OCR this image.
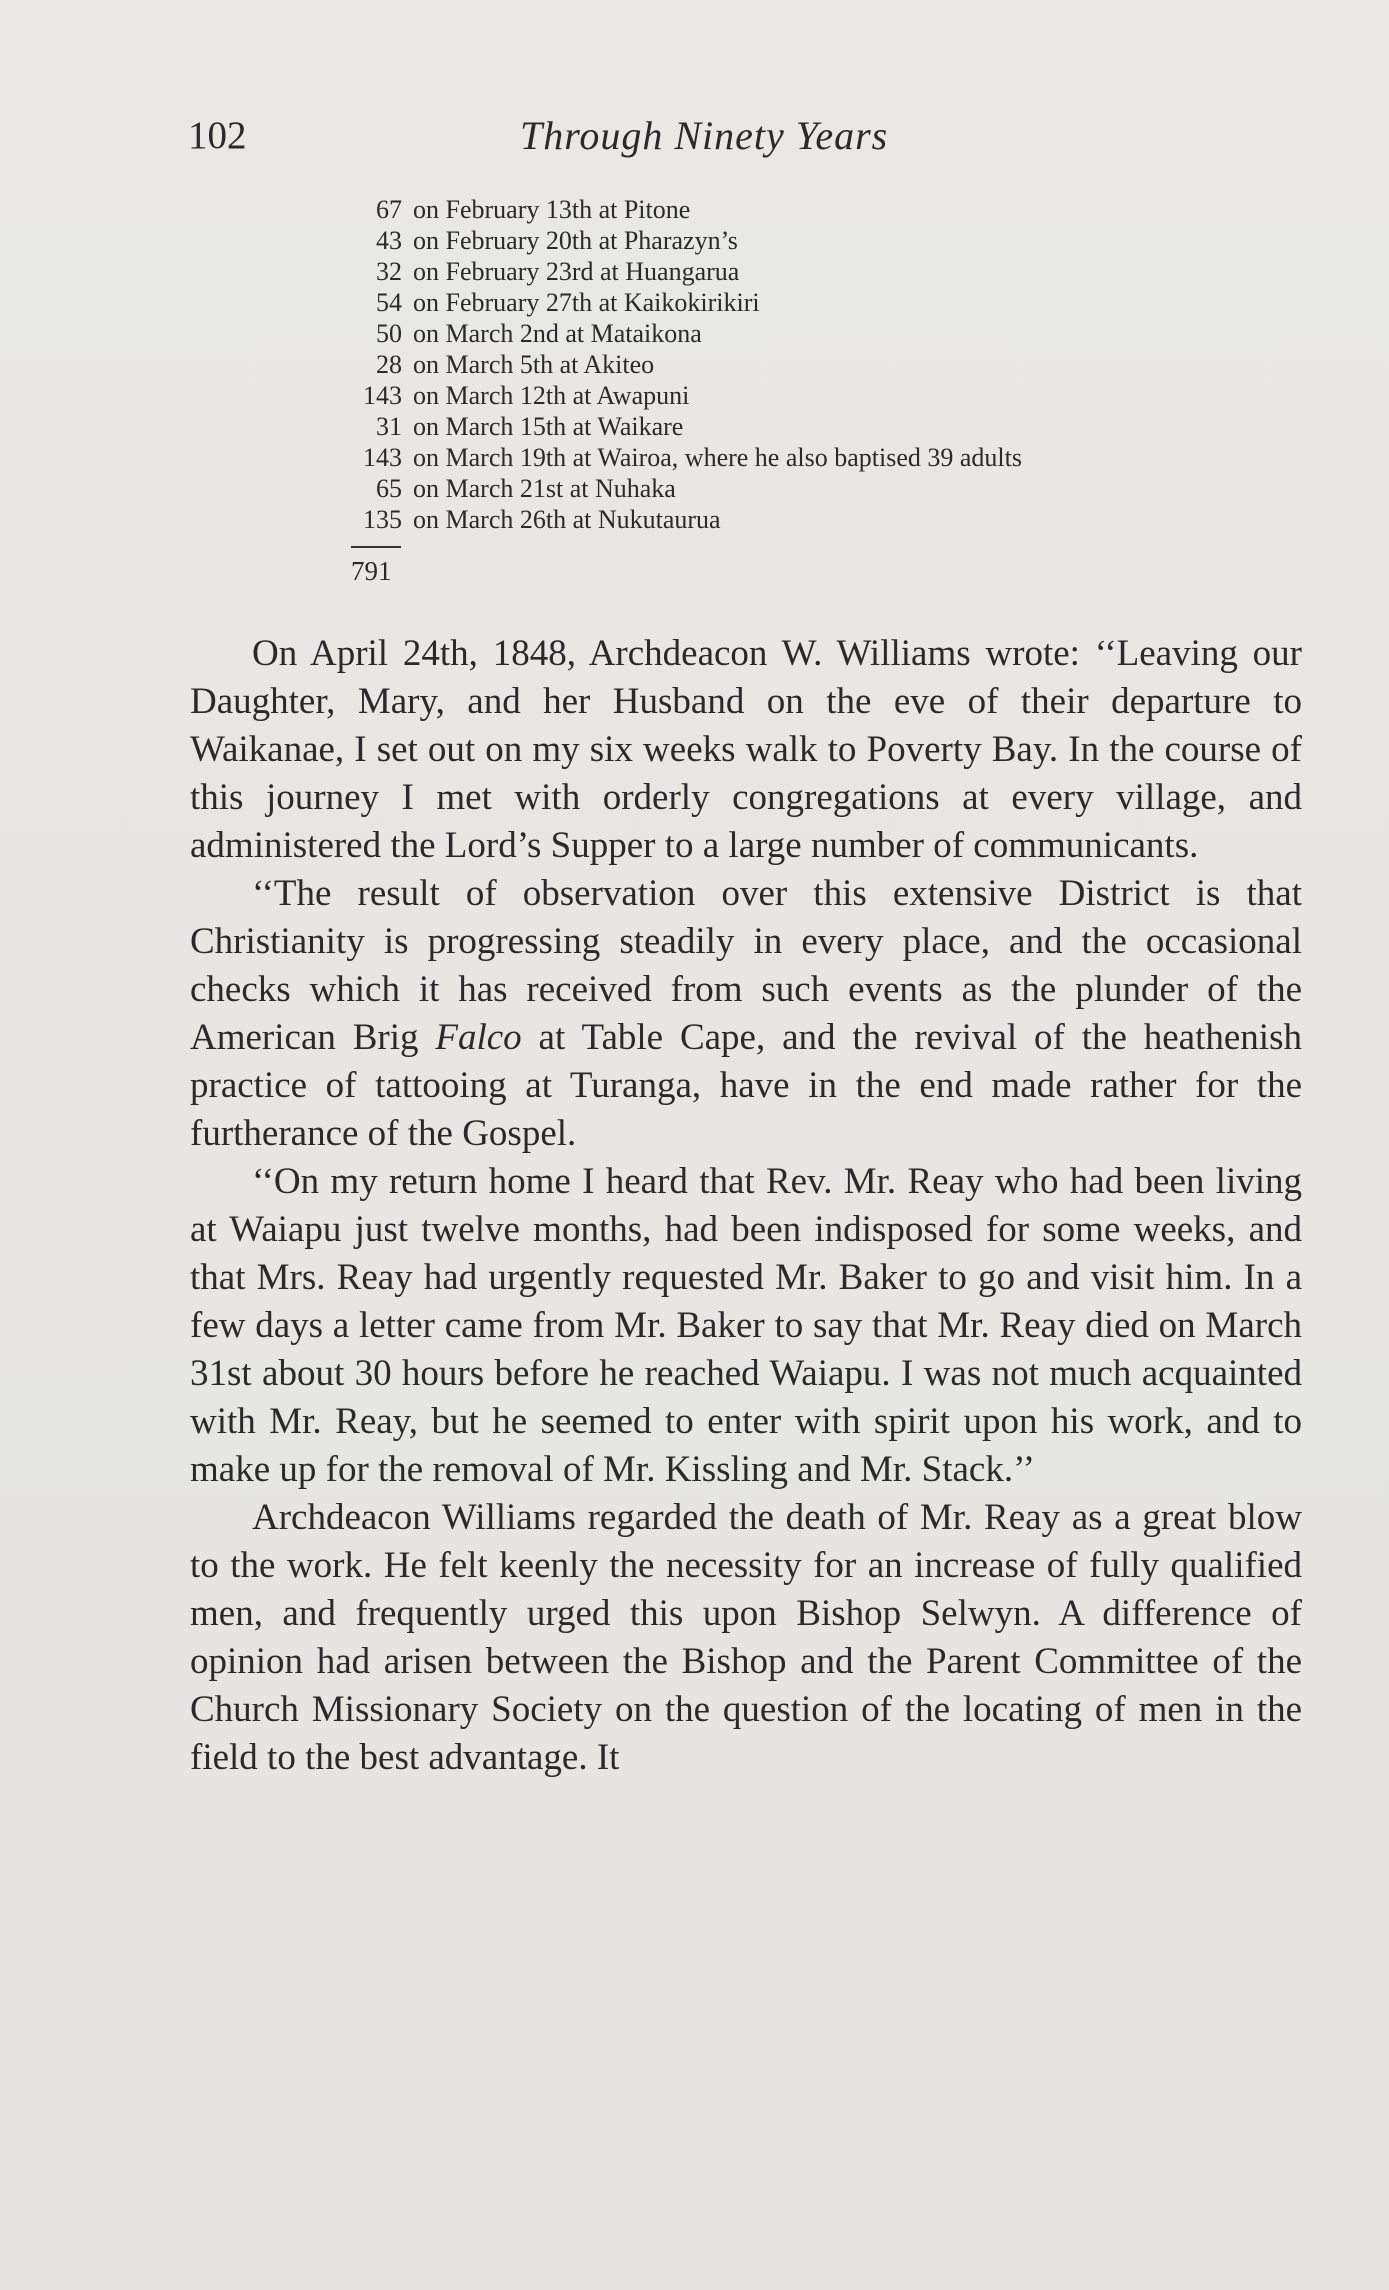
102	Through Ninety Years
67 on February 13th at Pitone
43 on February 20th at Pharazyn’s
32 on February 23rd at Huangarua
54 on February 27th at Kaikokirikiri
50 on March 2nd at Mataikona
28 on March 5th at Akiteo
143 on March 12th at Awapuni
31 on March 15th at Waikare
143 on March 19th at Wairoa, where he also baptised 39 adults
65 on March 21st at Nuhaka
135 on March 26th at Nukutaurua
791

On April 24th, 1848, Archdeacon W. Williams wrote: ‘‘Leaving our Daughter, Mary, and her Husband on the eve of their departure to Waikanae, I set out on my six weeks walk to Poverty Bay. In the course of this journey I met with orderly congregations at every village, and administered the Lord’s Supper to a large number of communicants.

‘‘The result of observation over this extensive District is that Christianity is progressing steadily in every place, and the occasional checks which it has received from such events as the plunder of the American Brig Falco at Table Cape, and the revival of the heathenish practice of tattooing at Turanga, have in the end made rather for the furtherance of the Gospel.

‘‘On my return home I heard that Rev. Mr. Reay who had been living at Waiapu just twelve months, had been indisposed for some weeks, and that Mrs. Reay had urgently requested Mr. Baker to go and visit him. In a few days a letter came from Mr. Baker to say that Mr. Reay died on March 31st about 30 hours before he reached Waiapu. I was not much acquainted with Mr. Reay, but he seemed to enter with spirit upon his work, and to make up for the removal of Mr. Kissling and Mr. Stack.’’

Archdeacon Williams regarded the death of Mr. Reay as a great blow to the work. He felt keenly the necessity for an increase of fully qualified men, and frequently urged this upon Bishop Selwyn. A difference of opinion had arisen between the Bishop and the Parent Committee of the Church Missionary Society on the question of the locating of men in the field to the best advantage. It
